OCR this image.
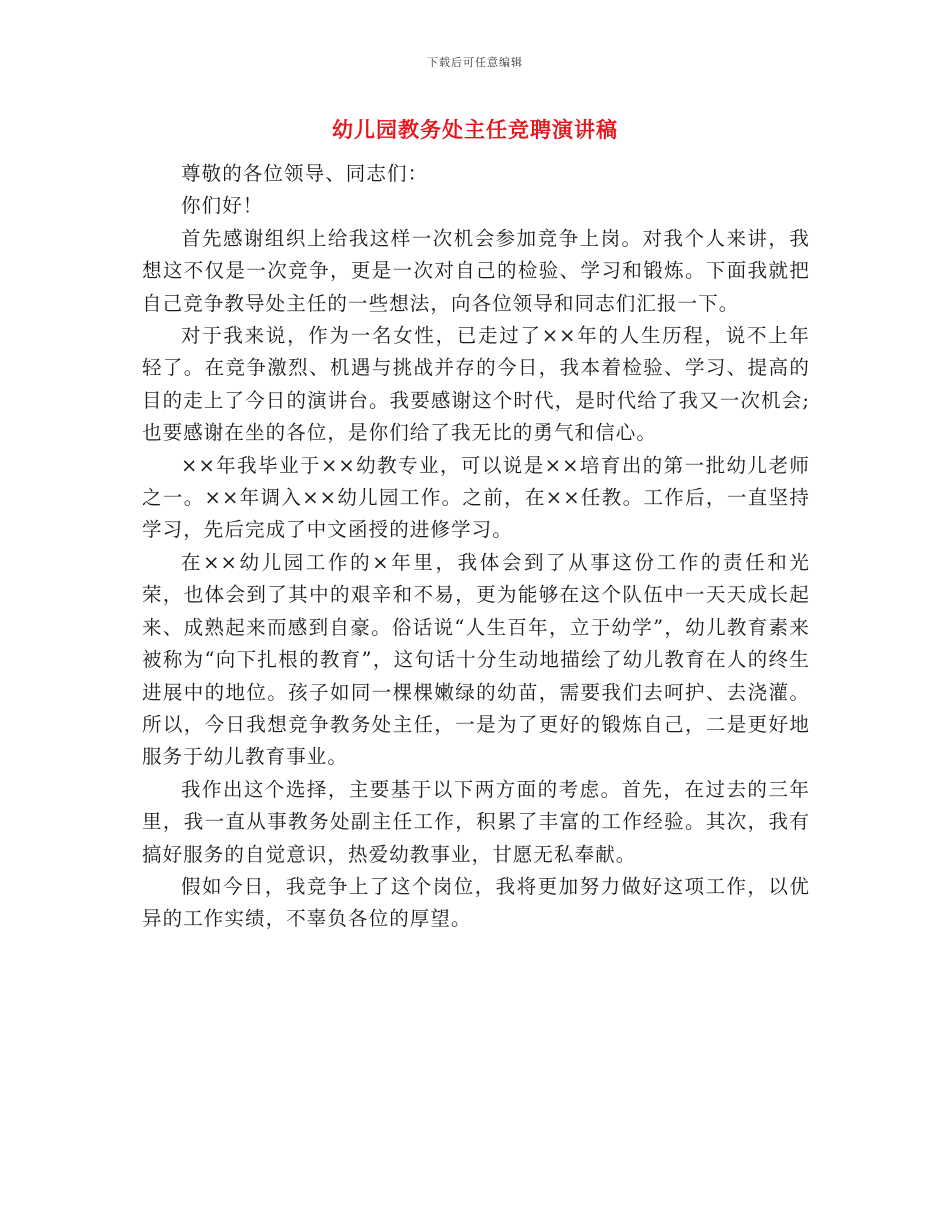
下载后可任意编辑
幼儿园教务处主任竞聘演讲稿

尊敬的各位领导、同志们：

你们好！

首先感谢组织上给我这样一次机会参加竞争上岗。对我个人来讲，我想这不仅是一次竞争，更是一次对自己的检验、学习和锻炼。下面我就把自己竞争教导处主任的一些想法，向各位领导和同志们汇报一下。

对于我来说，作为一名女性，已走过了××年的人生历程，说不上年轻了。在竞争激烈、机遇与挑战并存的今日，我本着检验、学习、提高的目的走上了今日的演讲台。我要感谢这个时代，是时代给了我又一次机会;也要感谢在坐的各位，是你们给了我无比的勇气和信心。

××年我毕业于××幼教专业，可以说是××培育出的第一批幼儿老师之一。××年调入××幼儿园工作。之前，在××任教。工作后，一直坚持学习，先后完成了中文函授的进修学习。

在××幼儿园工作的×年里，我体会到了从事这份工作的责任和光荣，也体会到了其中的艰辛和不易，更为能够在这个队伍中一天天成长起来、成熟起来而感到自豪。俗话说“人生百年，立于幼学”，幼儿教育素来被称为“向下扎根的教育”，这句话十分生动地描绘了幼儿教育在人的终生进展中的地位。孩子如同一棵棵嫩绿的幼苗，需要我们去呵护、去浇灌。所以，今日我想竞争教务处主任，一是为了更好的锻炼自己，二是更好地服务于幼儿教育事业。

我作出这个选择，主要基于以下两方面的考虑。首先，在过去的三年里，我一直从事教务处副主任工作，积累了丰富的工作经验。其次，我有搞好服务的自觉意识，热爱幼教事业，甘愿无私奉献。

假如今日，我竞争上了这个岗位，我将更加努力做好这项工作，以优异的工作实绩，不辜负各位的厚望。
